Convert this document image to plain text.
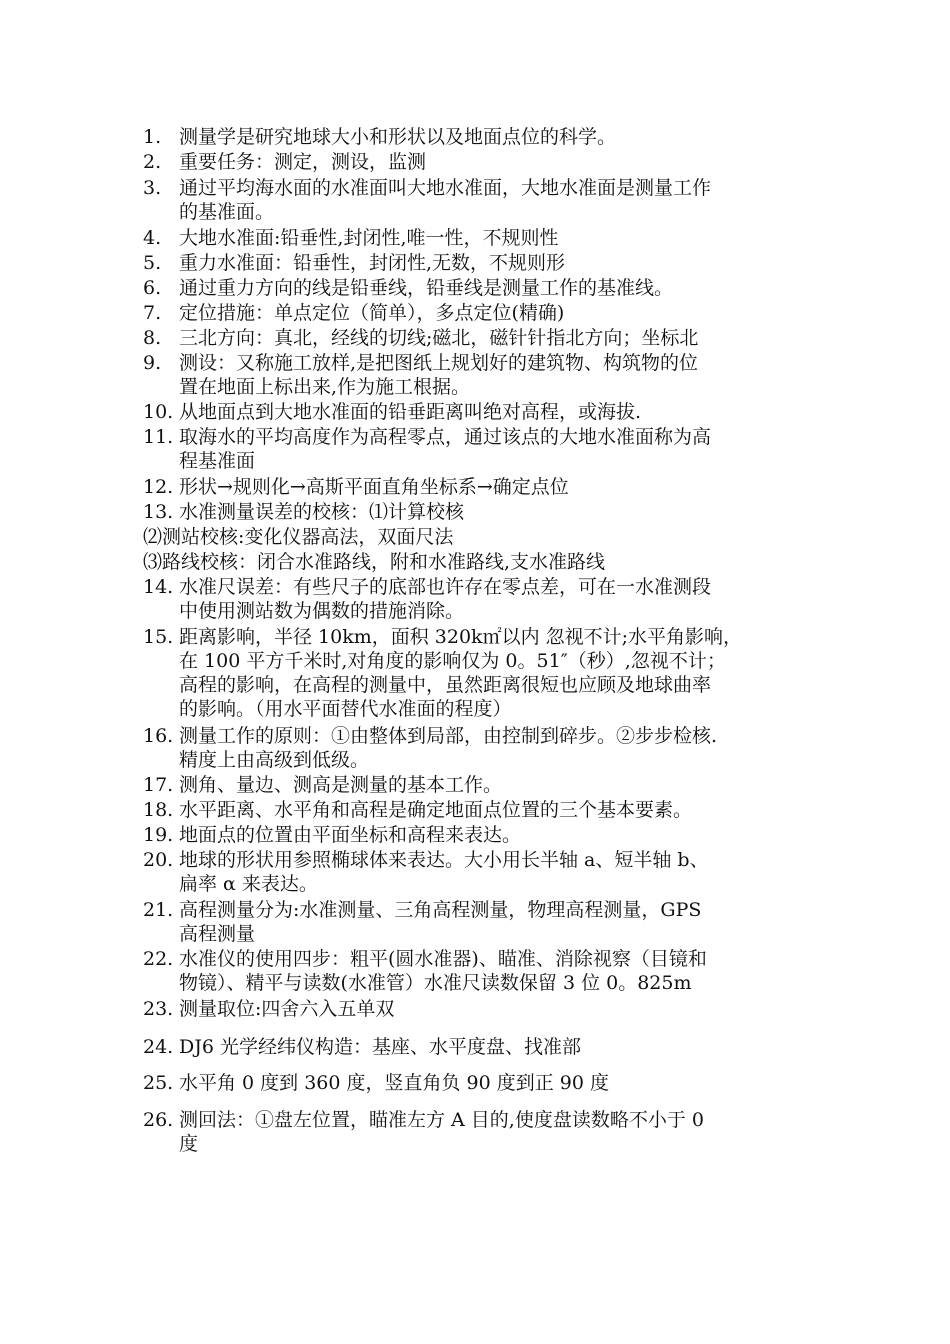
1. 测量学是研究地球大小和形状以及地面点位的科学。
2. 重要任务：测定，测设，监测
3. 通过平均海水面的水准面叫大地水准面，大地水准面是测量工作
的基准面。
4. 大地水准面:铅垂性,封闭性,唯一性，不规则性
5. 重力水准面：铅垂性，封闭性,无数，不规则形
6. 通过重力方向的线是铅垂线，铅垂线是测量工作的基准线。
7. 定位措施：单点定位（简单），多点定位(精确)
8. 三北方向：真北，经线的切线;磁北，磁针针指北方向；坐标北
9. 测设：又称施工放样,是把图纸上规划好的建筑物、构筑物的位
置在地面上标出来,作为施工根据。
10. 从地面点到大地水准面的铅垂距离叫绝对高程，或海拔.
11. 取海水的平均高度作为高程零点，通过该点的大地水准面称为高
程基准面
12. 形状→规则化→高斯平面直角坐标系→确定点位
13. 水准测量误差的校核：⑴计算校核
⑵测站校核:变化仪器高法，双面尺法
⑶路线校核：闭合水准路线，附和水准路线,支水准路线
14. 水准尺误差：有些尺子的底部也许存在零点差，可在一水准测段
中使用测站数为偶数的措施消除。
15. 距离影响，半径 10km，面积 320k㎡以内 忽视不计;水平角影响，
在 100 平方千米时,对角度的影响仅为 0。51″（秒）,忽视不计；
高程的影响，在高程的测量中，虽然距离很短也应顾及地球曲率
的影响。（用水平面替代水准面的程度）
16. 测量工作的原则：①由整体到局部，由控制到碎步。②步步检核.
精度上由高级到低级。
17. 测角、量边、测高是测量的基本工作。
18. 水平距离、水平角和高程是确定地面点位置的三个基本要素。
19. 地面点的位置由平面坐标和高程来表达。
20. 地球的形状用参照椭球体来表达。大小用长半轴 a、短半轴 b、
扁率 α 来表达。
21. 高程测量分为:水准测量、三角高程测量，物理高程测量，GPS
高程测量
22. 水准仪的使用四步：粗平(圆水准器)、瞄准、消除视察（目镜和
物镜）、精平与读数(水准管）水准尺读数保留 3 位 0。825m
23. 测量取位:四舍六入五单双
24. DJ6 光学经纬仪构造：基座、水平度盘、找准部
25. 水平角 0 度到 360 度，竖直角负 90 度到正 90 度
26. 测回法：①盘左位置，瞄准左方 A 目的,使度盘读数略不小于 0
度
